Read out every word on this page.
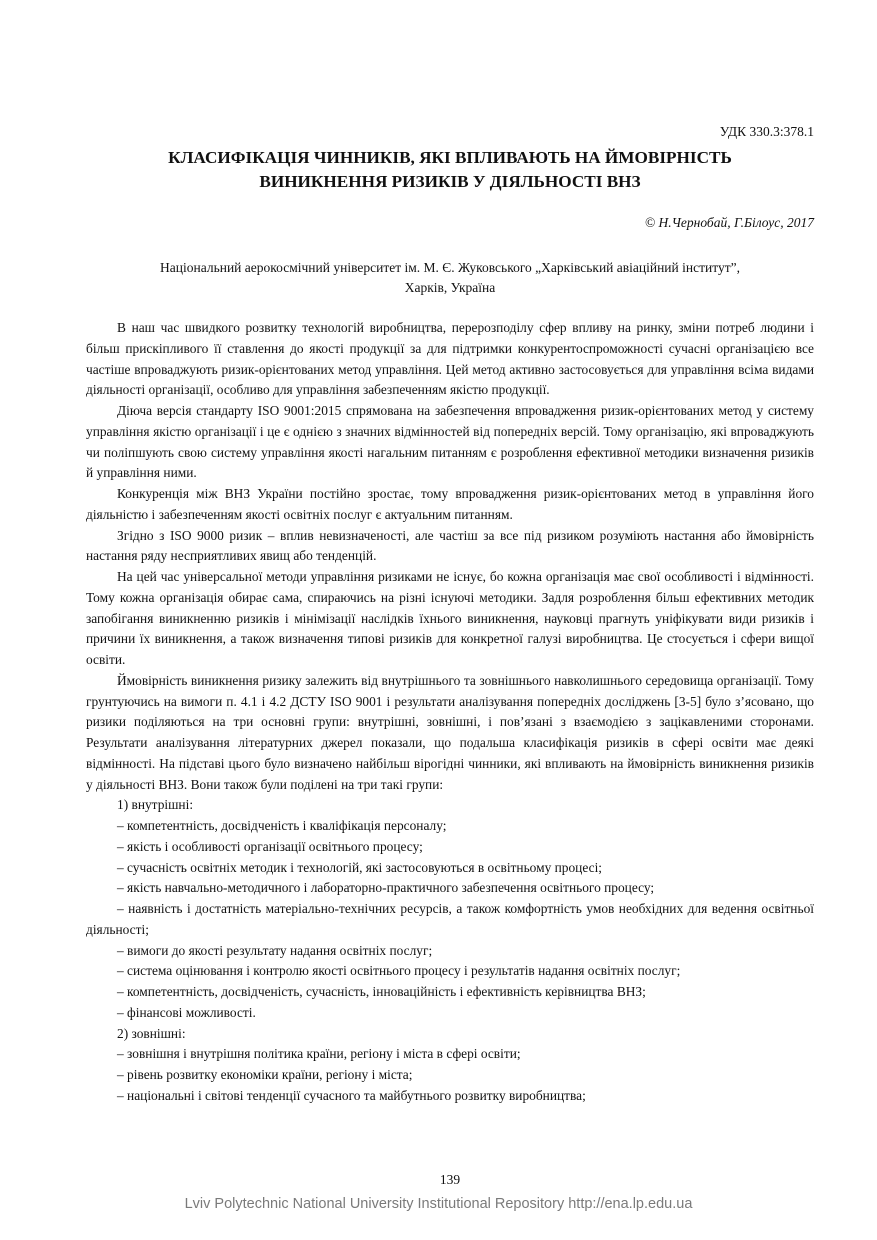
УДК 330.3:378.1
КЛАСИФІКАЦІЯ ЧИННИКІВ, ЯКІ ВПЛИВАЮТЬ НА ЙМОВІРНІСТЬ
ВИНИКНЕННЯ РИЗИКІВ У ДІЯЛЬНОСТІ ВНЗ
© Н.Чернобай, Г.Білоус, 2017
Національний аерокосмічний університет ім. М. Є. Жуковського „Харківський авіаційний інститут”,
Харків, Україна

В наш час швидкого розвитку технологій виробництва, перерозподілу сфер впливу на ринку, зміни потреб людини і більш прискіпливого її ставлення до якості продукції за для підтримки конкурентоспроможності сучасні організацією все частіше впроваджують ризик-орієнтованих метод управління. Цей метод активно застосовується для управління всіма видами діяльності організації, особливо для управління забезпеченням якістю продукції.

Діюча версія стандарту ISO 9001:2015 спрямована на забезпечення впровадження ризик-орієнтованих метод у систему управління якістю організації і це є однією з значних відмінностей від попередніх версій. Тому організацію, які впроваджують чи поліпшують свою систему управління якості нагальним питанням є розроблення ефективної методики визначення ризиків й управління ними.

Конкуренція між ВНЗ України постійно зростає, тому впровадження ризик-орієнтованих метод в управління його діяльністю і забезпеченням якості освітніх послуг є актуальним питанням.

Згідно з ISO 9000 ризик – вплив невизначеності, але частіш за все під ризиком розуміють настання або ймовірність настання ряду несприятливих явищ або тенденцій.

На цей час універсальної методи управління ризиками не існує, бо кожна організація має свої особливості і відмінності. Тому кожна організація обирає сама, спираючись на різні існуючі методики. Задля розроблення більш ефективних методик запобігання виникненню ризиків і мінімізації наслідків їхнього виникнення, науковці прагнуть уніфікувати види ризиків і причини їх виникнення, а також визначення типові ризиків для конкретної галузі виробництва. Це стосується і сфери вищої освіти.

Ймовірність виникнення ризику залежить від внутрішнього та зовнішнього навколишнього середовища організації. Тому грунтуючись на вимоги п. 4.1 і 4.2 ДСТУ ISO 9001 і результати аналізування попередніх досліджень [3-5] було з’ясовано, що ризики поділяються на три основні групи: внутрішні, зовнішні, і пов’язані з взаємодією з зацікавленими сторонами. Результати аналізування літературних джерел показали, що подальша класифікація ризиків в сфері освіти має деякі відмінності. На підставі цього було визначено найбільш вірогідні чинники, які впливають на ймовірність виникнення ризиків у діяльності ВНЗ. Вони також були поділені на три такі групи:

1) внутрішні:

– компетентність, досвідченість і кваліфікація персоналу;

– якість і особливості організації освітнього процесу;

– сучасність освітніх методик і технологій, які застосовуються в освітньому процесі;

– якість навчально-методичного і лабораторно-практичного забезпечення освітнього процесу;

– наявність і достатність матеріально-технічних ресурсів, а також комфортність умов необхідних для ведення освітньої діяльності;

– вимоги до якості результату надання освітніх послуг;

– система оцінювання і контролю якості освітнього процесу і результатів надання освітніх послуг;

– компетентність, досвідченість, сучасність, інноваційність і ефективність керівництва ВНЗ;

– фінансові можливості.

2) зовнішні:

– зовнішня і внутрішня політика країни, регіону і міста в сфері освіти;

– рівень розвитку економіки країни, регіону і міста;

– національні і світові тенденції сучасного та майбутнього розвитку виробництва;

139
Lviv Polytechnic National University Institutional Repository http://ena.lp.edu.ua
